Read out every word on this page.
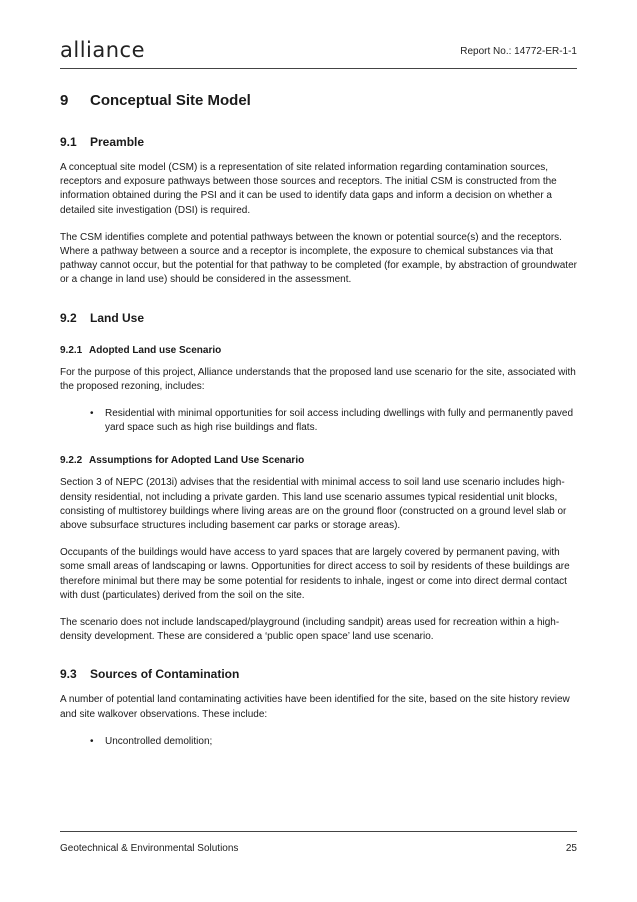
alliance	Report No.: 14772-ER-1-1
9	Conceptual Site Model
9.1	Preamble

A conceptual site model (CSM) is a representation of site related information regarding contamination sources, receptors and exposure pathways between those sources and receptors. The initial CSM is constructed from the information obtained during the PSI and it can be used to identify data gaps and inform a decision on whether a detailed site investigation (DSI) is required.

The CSM identifies complete and potential pathways between the known or potential source(s) and the receptors. Where a pathway between a source and a receptor is incomplete, the exposure to chemical substances via that pathway cannot occur, but the potential for that pathway to be completed (for example, by abstraction of groundwater or a change in land use) should be considered in the assessment.

9.2	Land Use
9.2.1 Adopted Land use Scenario

For the purpose of this project, Alliance understands that the proposed land use scenario for the site, associated with the proposed rezoning, includes:

• Residential with minimal opportunities for soil access including dwellings with fully and permanently paved yard space such as high rise buildings and flats.
9.2.2 Assumptions for Adopted Land Use Scenario

Section 3 of NEPC (2013i) advises that the residential with minimal access to soil land use scenario includes high-density residential, not including a private garden. This land use scenario assumes typical residential unit blocks, consisting of multistorey buildings where living areas are on the ground floor (constructed on a ground level slab or above subsurface structures including basement car parks or storage areas).

Occupants of the buildings would have access to yard spaces that are largely covered by permanent paving, with some small areas of landscaping or lawns. Opportunities for direct access to soil by residents of these buildings are therefore minimal but there may be some potential for residents to inhale, ingest or come into direct dermal contact with dust (particulates) derived from the soil on the site.

The scenario does not include landscaped/playground (including sandpit) areas used for recreation within a high-density development. These are considered a ‘public open space’ land use scenario.

9.3	Sources of Contamination

A number of potential land contaminating activities have been identified for the site, based on the site history review and site walkover observations. These include:

• Uncontrolled demolition;
Geotechnical & Environmental Solutions	25
